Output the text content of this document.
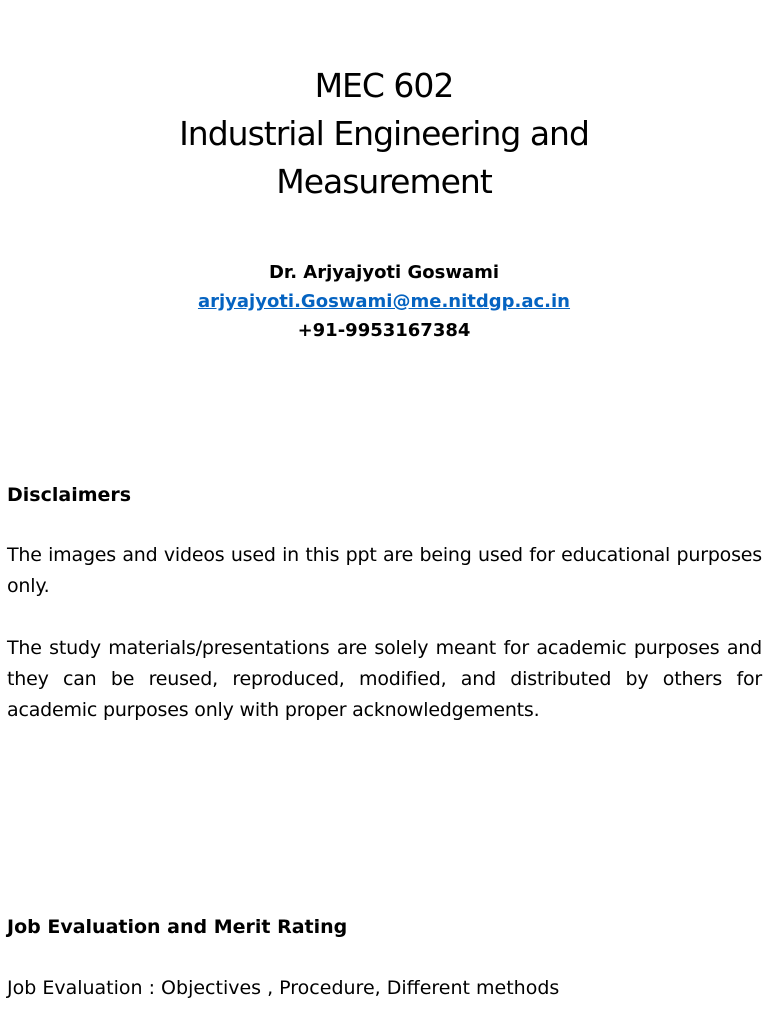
MEC 602
Industrial Engineering and
Measurement
Dr. Arjyajyoti Goswami
arjyajyoti.Goswami@me.nitdgp.ac.in
+91-9953167384
Disclaimers
The images and videos used in this ppt are being used for educational purposes only.
The study materials/presentations are solely meant for academic purposes and they can be reused, reproduced, modified, and distributed by others for academic purposes only with proper acknowledgements.
Job Evaluation and Merit Rating
Job Evaluation : Objectives , Procedure, Different methods
